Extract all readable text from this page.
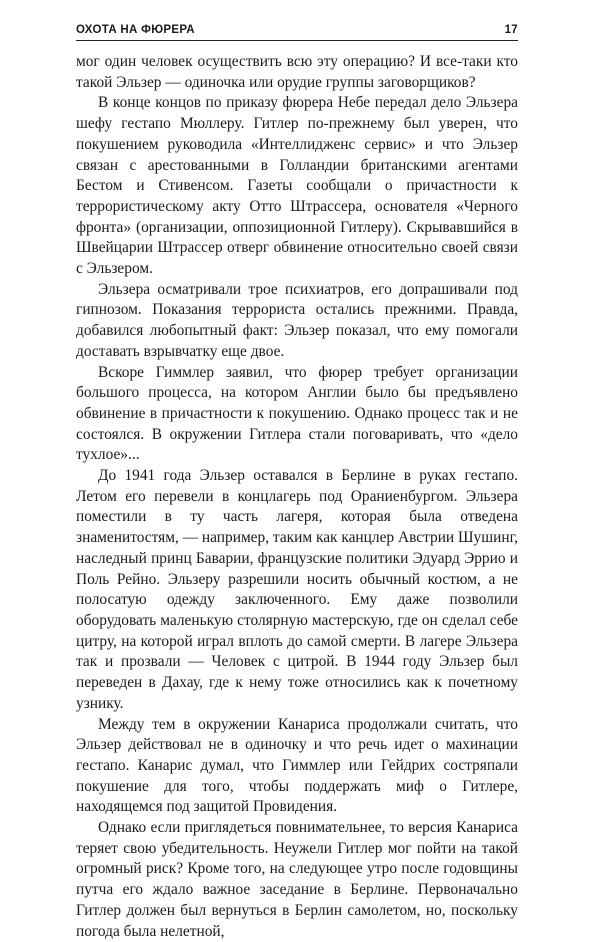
ОХОТА НА ФЮРЕРА	17

мог один человек осуществить всю эту операцию? И все-таки кто такой Эльзер — одиночка или орудие группы заговорщиков?

В конце концов по приказу фюрера Небе передал дело Эльзера шефу гестапо Мюллеру. Гитлер по-прежнему был уверен, что покушением руководила «Интеллидженс сервис» и что Эльзер связан с арестованными в Голландии британскими агентами Бестом и Стивенсом. Газеты сообщали о причастности к террористическому акту Отто Штрассера, основателя «Черного фронта» (организации, оппозиционной Гитлеру). Скрывавшийся в Швейцарии Штрассер отверг обвинение относительно своей связи с Эльзером.

Эльзера осматривали трое психиатров, его допрашивали под гипнозом. Показания террориста остались прежними. Правда, добавился любопытный факт: Эльзер показал, что ему помогали доставать взрывчатку еще двое.

Вскоре Гиммлер заявил, что фюрер требует организации большого процесса, на котором Англии было бы предъявлено обвинение в причастности к покушению. Однако процесс так и не состоялся. В окружении Гитлера стали поговаривать, что «дело тухлое»...

До 1941 года Эльзер оставался в Берлине в руках гестапо. Летом его перевели в концлагерь под Ораниенбургом. Эльзера поместили в ту часть лагеря, которая была отведена знаменитостям, — например, таким как канцлер Австрии Шушинг, наследный принц Баварии, французские политики Эдуард Эррио и Поль Рейно. Эльзеру разрешили носить обычный костюм, а не полосатую одежду заключенного. Ему даже позволили оборудовать маленькую столярную мастерскую, где он сделал себе цитру, на которой играл вплоть до самой смерти. В лагере Эльзера так и прозвали — Человек с цитрой. В 1944 году Эльзер был переведен в Дахау, где к нему тоже относились как к почетному узнику.

Между тем в окружении Канариса продолжали считать, что Эльзер действовал не в одиночку и что речь идет о махинации гестапо. Канарис думал, что Гиммлер или Гейдрих состряпали покушение для того, чтобы поддержать миф о Гитлере, находящемся под защитой Провидения.

Однако если приглядеться повнимательнее, то версия Канариса теряет свою убедительность. Неужели Гитлер мог пойти на такой огромный риск? Кроме того, на следующее утро после годовщины путча его ждало важное заседание в Берлине. Первоначально Гитлер должен был вернуться в Берлин самолетом, но, поскольку погода была нелетной,
